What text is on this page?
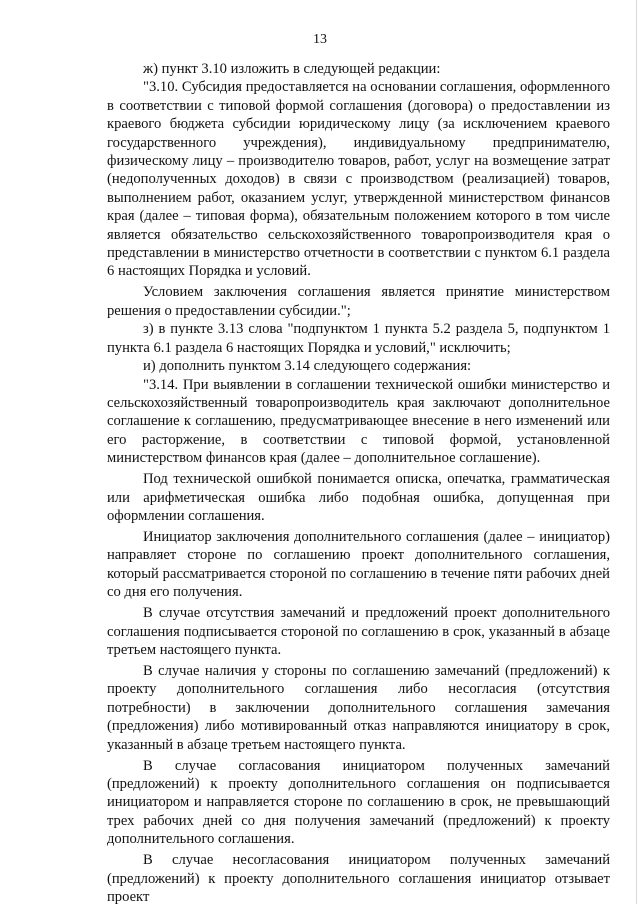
13

ж) пункт 3.10 изложить в следующей редакции:

"3.10. Субсидия предоставляется на основании соглашения, оформленного в соответствии с типовой формой соглашения (договора) о предоставлении из краевого бюджета субсидии юридическому лицу (за исключением краевого государственного учреждения), индивидуальному предпринимателю, физическому лицу – производителю товаров, работ, услуг на возмещение затрат (недополученных доходов) в связи с производством (реализацией) товаров, выполнением работ, оказанием услуг, утвержденной министерством финансов края (далее – типовая форма), обязательным положением которого в том числе является обязательство сельскохозяйственного товаропроизводителя края о представлении в министерство отчетности в соответствии с пунктом 6.1 раздела 6 настоящих Порядка и условий.

Условием заключения соглашения является принятие министерством решения о предоставлении субсидии.";

з) в пункте 3.13 слова "подпунктом 1 пункта 5.2 раздела 5, подпунктом 1 пункта 6.1 раздела 6 настоящих Порядка и условий," исключить;

и) дополнить пунктом 3.14 следующего содержания:

"3.14. При выявлении в соглашении технической ошибки министерство и сельскохозяйственный товаропроизводитель края заключают дополнительное соглашение к соглашению, предусматривающее внесение в него изменений или его расторжение, в соответствии с типовой формой, установленной министерством финансов края (далее – дополнительное соглашение).

Под технической ошибкой понимается описка, опечатка, грамматическая или арифметическая ошибка либо подобная ошибка, допущенная при оформлении соглашения.

Инициатор заключения дополнительного соглашения (далее – инициатор) направляет стороне по соглашению проект дополнительного соглашения, который рассматривается стороной по соглашению в течение пяти рабочих дней со дня его получения.

В случае отсутствия замечаний и предложений проект дополнительного соглашения подписывается стороной по соглашению в срок, указанный в абзаце третьем настоящего пункта.

В случае наличия у стороны по соглашению замечаний (предложений) к проекту дополнительного соглашения либо несогласия (отсутствия потребности) в заключении дополнительного соглашения замечания (предложения) либо мотивированный отказ направляются инициатору в срок, указанный в абзаце третьем настоящего пункта.

В случае согласования инициатором полученных замечаний (предложений) к проекту дополнительного соглашения он подписывается инициатором и направляется стороне по соглашению в срок, не превышающий трех рабочих дней со дня получения замечаний (предложений) к проекту дополнительного соглашения.

В случае несогласования инициатором полученных замечаний (предложений) к проекту дополнительного соглашения инициатор отзывает проект
